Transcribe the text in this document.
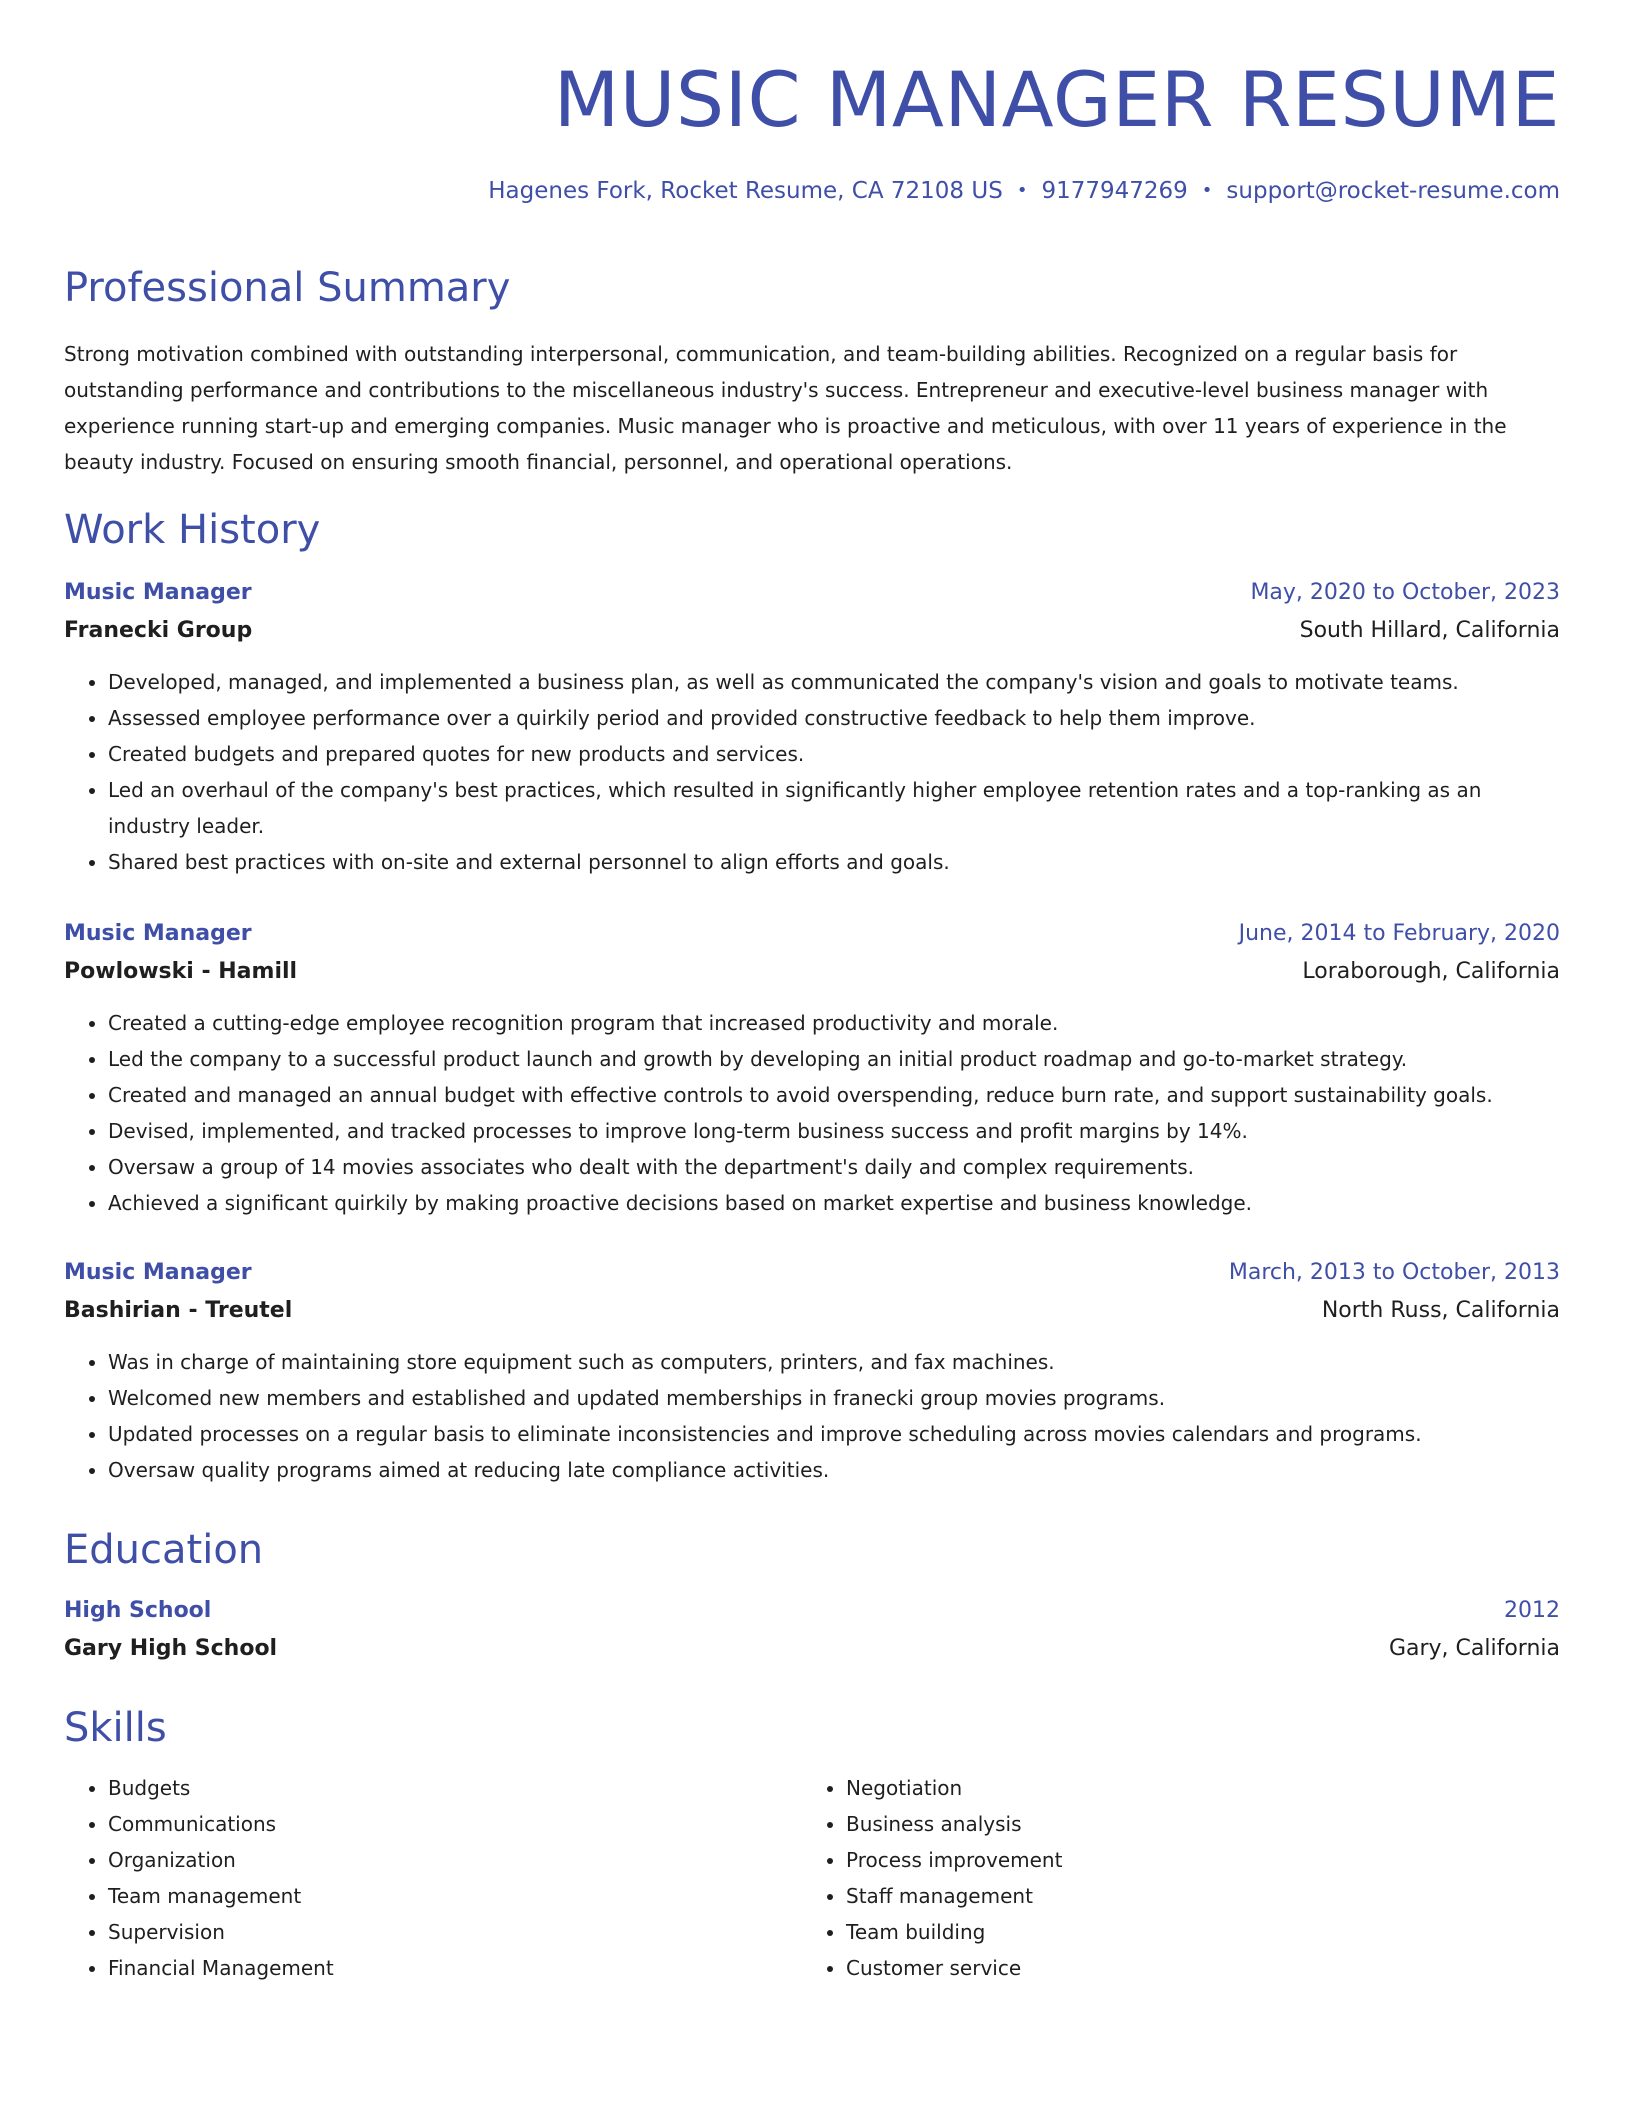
MUSIC MANAGER RESUME
Hagenes Fork, Rocket Resume, CA 72108 US • 9177947269 • support@rocket-resume.com
Professional Summary
Strong motivation combined with outstanding interpersonal, communication, and team-building abilities. Recognized on a regular basis for outstanding performance and contributions to the miscellaneous industry's success. Entrepreneur and executive-level business manager with experience running start-up and emerging companies. Music manager who is proactive and meticulous, with over 11 years of experience in the beauty industry. Focused on ensuring smooth financial, personnel, and operational operations.
Work History
Music Manager	May, 2020 to October, 2023
Franecki Group	South Hillard, California
• Developed, managed, and implemented a business plan, as well as communicated the company's vision and goals to motivate teams.
• Assessed employee performance over a quirkily period and provided constructive feedback to help them improve.
• Created budgets and prepared quotes for new products and services.
• Led an overhaul of the company's best practices, which resulted in significantly higher employee retention rates and a top-ranking as an industry leader.
• Shared best practices with on-site and external personnel to align efforts and goals.
Music Manager	June, 2014 to February, 2020
Powlowski - Hamill	Loraborough, California
• Created a cutting-edge employee recognition program that increased productivity and morale.
• Led the company to a successful product launch and growth by developing an initial product roadmap and go-to-market strategy.
• Created and managed an annual budget with effective controls to avoid overspending, reduce burn rate, and support sustainability goals.
• Devised, implemented, and tracked processes to improve long-term business success and profit margins by 14%.
• Oversaw a group of 14 movies associates who dealt with the department's daily and complex requirements.
• Achieved a significant quirkily by making proactive decisions based on market expertise and business knowledge.
Music Manager	March, 2013 to October, 2013
Bashirian - Treutel	North Russ, California
• Was in charge of maintaining store equipment such as computers, printers, and fax machines.
• Welcomed new members and established and updated memberships in franecki group movies programs.
• Updated processes on a regular basis to eliminate inconsistencies and improve scheduling across movies calendars and programs.
• Oversaw quality programs aimed at reducing late compliance activities.
Education
High School	2012
Gary High School	Gary, California
Skills
• Budgets
• Communications
• Organization
• Team management
• Supervision
• Financial Management
• Negotiation
• Business analysis
• Process improvement
• Staff management
• Team building
• Customer service
